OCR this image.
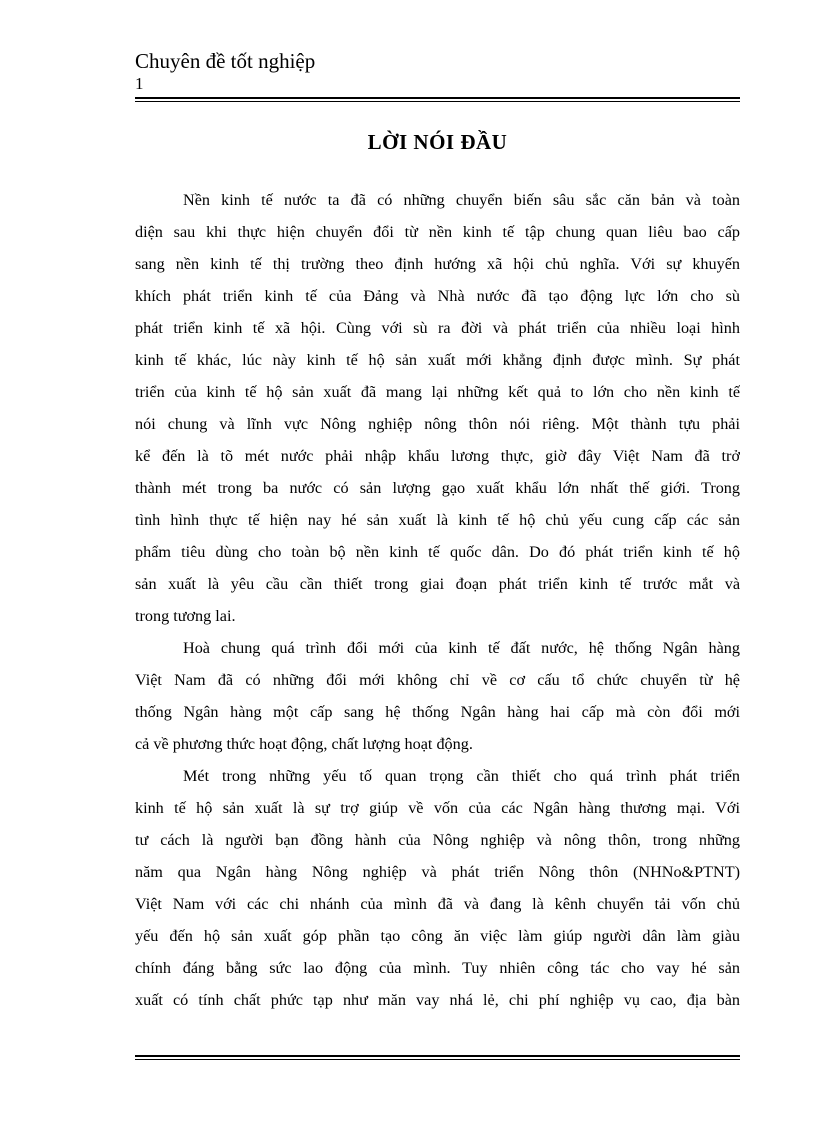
Chuyên đề tốt nghiệp

1

LỜI NÓI ĐẦU
Nền kinh tế nước ta đã có những chuyển biến sâu sắc căn bản và toàn
diện sau khi thực hiện chuyển đổi từ nền kinh tế tập chung quan liêu bao cấp
sang nền kinh tế thị trường theo định hướng xã hội chủ nghĩa. Với sự khuyến
khích phát triển kinh tế của Đảng và Nhà nước đã tạo động lực lớn cho sù
phát triển kinh tế xã hội. Cùng với sù ra đời và phát triển của nhiều loại hình
kinh tế khác, lúc này kinh tế hộ sản xuất mới khẳng định được mình. Sự phát
triển của kinh tế hộ sản xuất đã mang lại những kết quả to lớn cho nền kinh tế
nói chung và lĩnh vực Nông nghiệp nông thôn nói riêng. Một thành tựu phải
kể đến là tõ mét nước phải nhập khẩu lương thực, giờ đây Việt Nam đã trở
thành mét trong ba nước có sản lượng gạo xuất khẩu lớn nhất thế giới. Trong
tình hình thực tế hiện nay hé sản xuất là kinh tế hộ chủ yếu cung cấp các sản
phẩm tiêu dùng cho toàn bộ nền kinh tế quốc dân. Do đó phát triển kinh tế hộ
sản xuất là yêu cầu cần thiết trong giai đoạn phát triển kinh tế trước mắt và
trong tương lai.
Hoà chung quá trình đổi mới của kinh tế đất nước, hệ thống Ngân hàng
Việt Nam đã có những đổi mới không chỉ về cơ cấu tổ chức chuyển từ hệ
thống Ngân hàng một cấp sang hệ thống Ngân hàng hai cấp mà còn đổi mới
cả về phương thức hoạt động, chất lượng hoạt động.
Mét trong những yếu tố quan trọng cần thiết cho quá trình phát triển
kinh tế hộ sản xuất là sự trợ giúp về vốn của các Ngân hàng thương mại. Với
tư cách là người bạn đồng hành của Nông nghiệp và nông thôn, trong những
năm qua Ngân hàng Nông nghiệp và phát triển Nông thôn (NHNo&PTNT)
Việt Nam với các chi nhánh của mình đã và đang là kênh chuyển tải vốn chủ
yếu đến hộ sản xuất góp phần tạo công ăn việc làm giúp người dân làm giàu
chính đáng bằng sức lao động của mình. Tuy nhiên công tác cho vay hé sản
xuất có tính chất phức tạp như măn vay nhá lẻ, chi phí nghiệp vụ cao, địa bàn
